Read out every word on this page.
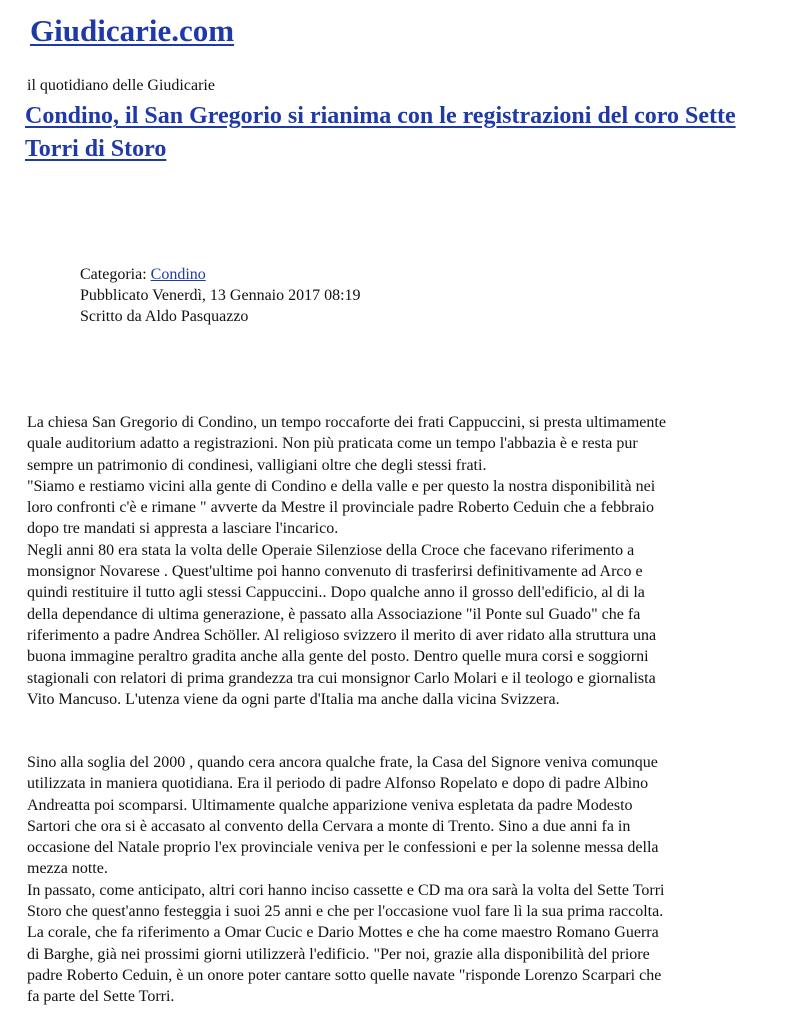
Giudicarie.com
il quotidiano delle Giudicarie
Condino, il San Gregorio si rianima con le registrazioni del coro Sette Torri di Storo
Categoria: Condino
Pubblicato Venerdì, 13 Gennaio 2017 08:19
Scritto da Aldo Pasquazzo

La chiesa San Gregorio di Condino, un tempo roccaforte dei frati Cappuccini, si presta ultimamente
quale auditorium adatto a registrazioni. Non più praticata come un tempo l'abbazia è e resta pur
sempre un patrimonio di condinesi, valligiani oltre che degli stessi frati.
"Siamo e restiamo vicini alla gente di Condino e della valle e per questo la nostra disponibilità nei
loro confronti c'è e rimane " avverte da Mestre il provinciale padre Roberto Ceduin che a febbraio
dopo tre mandati si appresta a lasciare l'incarico.
Negli anni 80 era stata la volta delle Operaie Silenziose della Croce che facevano riferimento a
monsignor Novarese . Quest'ultime poi hanno convenuto di trasferirsi definitivamente ad Arco e
quindi restituire il tutto agli stessi Cappuccini.. Dopo qualche anno il grosso dell'edificio, al di la
della dependance di ultima generazione, è passato alla Associazione "il Ponte sul Guado" che fa
riferimento a padre Andrea Schöller. Al religioso svizzero il merito di aver ridato alla struttura una
buona immagine peraltro gradita anche alla gente del posto. Dentro quelle mura corsi e soggiorni
stagionali con relatori di prima grandezza tra cui monsignor Carlo Molari e il teologo e giornalista
Vito Mancuso. L'utenza viene da ogni parte d'Italia ma anche dalla vicina Svizzera.

Sino alla soglia del 2000 , quando cera ancora qualche frate, la Casa del Signore veniva comunque
utilizzata in maniera quotidiana. Era il periodo di padre Alfonso Ropelato e dopo di padre Albino
Andreatta poi scomparsi. Ultimamente qualche apparizione veniva espletata da padre Modesto
Sartori che ora si è accasato al convento della Cervara a monte di Trento. Sino a due anni fa in
occasione del Natale proprio l'ex provinciale veniva per le confessioni e per la solenne messa della
mezza notte.
In passato, come anticipato, altri cori hanno inciso cassette e CD ma ora sarà la volta del Sette Torri
Storo che quest'anno festeggia i suoi 25 anni e che per l'occasione vuol fare lì la sua prima raccolta.
La corale, che fa riferimento a Omar Cucic e Dario Mottes e che ha come maestro Romano Guerra
di Barghe, già nei prossimi giorni utilizzerà l'edificio. "Per noi, grazie alla disponibilità del priore
padre Roberto Ceduin, è un onore poter cantare sotto quelle navate "risponde Lorenzo Scarpari che
fa parte del Sette Torri.
